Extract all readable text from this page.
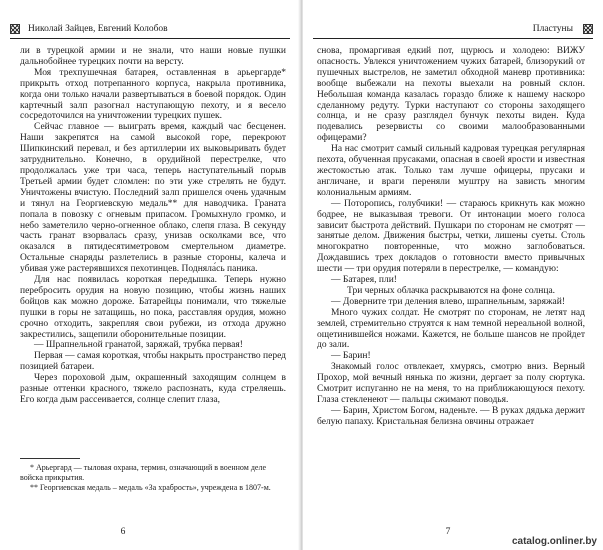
Николай Зайцев, Евгений Колобов

ли в турецкой армии и не знали, что наши новые пушки дальнобойнее турецких почти на версту.

Моя трехпушечная батарея, оставленная в арьергарде* прикрыть отход потрепанного корпуса, накрыла противника, когда они только начали развертываться в боевой порядок. Один картечный залп разогнал наступающую пехоту, и я весело сосредоточился на уничтожении турецких пушек.

Сейчас главное — выиграть время, каждый час бесценен. Наши закрепятся на самой высокой горе, перекроют Шипкинский перевал, и без артиллерии их выковыривать будет затруднительно. Конечно, в орудийной перестрелке, что продолжалась уже три часа, теперь наступательный порыв Третьей армии будет сломлен: по эти уже стрелять не будут. Уничтожены вчистую. Последний залп пришелся очень удачным и тянул на Георгиевскую медаль** для наводчика. Граната попала в повозку с огневым припасом. Громыхнуло громко, и небо заметелило черно-огненное облако, слепя глаза. В секунду часть гранат взорвалась сразу, унизав осколками все, что оказался в пятидесятиметровом смертельном диаметре. Остальные снаряды разлетелись в разные стороны, калеча и убивая уже растерявшихся пехотинцев. Подняла́сь паника.

Для нас появилась короткая передышка. Теперь нужно перебросить орудия на новую позицию, чтобы жизнь наших бойцов как можно дороже. Батарейцы понимали, что тяжелые пушки в горы не затащишь, но пока, расставляя орудия, можно срочно отходить, закрепляя свои рубежи, из отхода дружно закрестились, защепили оборонительные позиции.

— Шрапнельной гранатой, заряжай, трубка первая!

Первая — самая короткая, чтобы накрыть пространство перед позицией батареи.

Через пороховой дым, окрашенный заходящим солнцем в разные оттенки красного, тяжело распознать, куда стреляешь. Его когда дым рассеивается, солнце слепит глаза,

* Арьергард — тыловая охрана, термин, означающий в военном деле войска прикрытия.

** Георгиевская медаль – медаль «За храбрость», учреждена в 1807-м.

6
Пластуны

снова, промаргивая едкий пот, щурюсь и холодею: ВИЖУ опасность. Увлекся уничтожением чужих батарей, близорукий от пушечных выстрелов, не заметил обходной маневр противника: вообще выбежали на пехоты выехали на ровный склон. Небольшая команда казалась гораздо ближе к нашему наскоро сделанному редуту. Турки наступают со стороны заходящего солнца, и не сразу разглядел бунчук пехоты виден. Куда подевались резервисты со своими малообразованными офицерами?

На нас смотрит самый сильный кадровая турецкая регулярная пехота, обученная прусаками, опасная в своей ярости и известная жестокостью атак. Только там лучше офицеры, прусаки и англичане, и враги переняли муштру на зависть многим колониальным армиям.

— Поторопись, голубчики! — стараюсь крикнуть как можно бодрее, не выказывая тревоги. От интонации моего голоса зависит быстрота действий. Пушкари по сторонам не смотрят — занятые делом. Движения быстры, четки, лишены суеты. Столь многократно повторенные, что можно заглобоваться. Дождавшись трех докладов о готовности вместо привычных шести — три орудия потеряли в перестрелке, — командую:

— Батарея, пли!

Три черных облачка раскрываются на фоне солнца.

— Доверните три деления влево, шрапнельным, заряжай!

Много чужих солдат. Не смотрят по сторонам, не летят над землей, стремительно струятся к нам темной нереальной волной, ощетинившейся ножами. Кажется, не больше шансов не пройдет до зали.

— Барин!

Знакомый голос отвлекает, хмурясь, смотрю вниз. Верный Прохор, мой вечный нянька по жизни, дергает за полу сюртука. Смотрит испуганно не на меня, то на приближающуюся пехоту. Глаза стекленеют — пальцы сжимают поводья.

— Барин, Христом Богом, наденьте. — В руках дядька держит белую папаху. Кристальная белизна овчины отражает

7
catalog.onliner.by
